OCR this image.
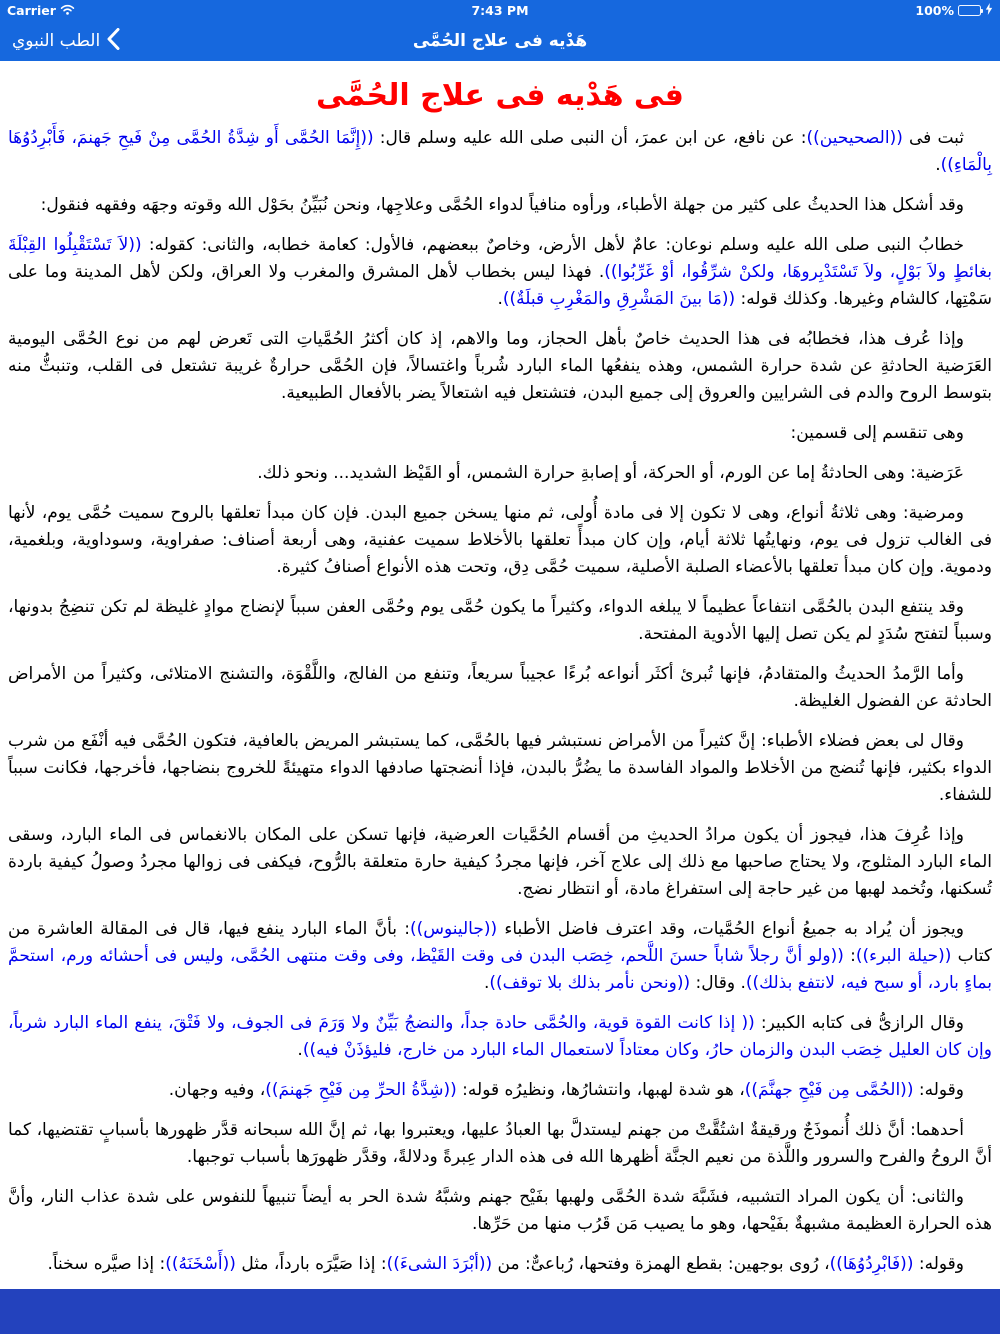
Carrier	7:43 PM	100%
الطب النبوي	هَدْيه فى علاج الحُمَّى
فى هَدْيه فى علاج الحُمَّى

ثبت فى ((الصحيحين)): عن نافع، عن ابن عمرَ، أن النبى صلى الله عليه وسلم قال: ((إِنَّمَا الحُمَّى أَو شِدَّةُ الحُمَّى مِنْ فَيحِ جَهنمَ، فَأَبْرِدُوُهَا بِالْمَاءِ)).

وقد أشكل هذا الحديثُ على كثير من جهلة الأطباء، ورأوه منافياً لدواء الحُمَّى وعلاجِها، ونحن نُبَيِّنُ بحَوْل الله وقوته وجهَه وفقهه فنقول:

خطابُ النبى صلى الله عليه وسلم نوعان: عامٌ لأهل الأرض، وخاصٌ ببعضهم، فالأول: كعامة خطابه، والثانى: كقوله: ((لاَ تَسْتَقْبِلُوا القِبْلَةَ بغائطٍ ولاَ بَوْلٍ، ولاَ تَسْتَدْبِروهَا، ولكنْ شرِّقُوا، أوْ غَرِّبُوا)). فهذا ليس بخطاب لأهل المشرق والمغرب ولا العراق، ولكن لأهل المدينة وما على سَمْتِها، كالشام وغيرها. وكذلك قوله: ((مَا بينَ المَشْرِقِ والمَغْرِبِ قبلَةٌ)).

وإذا عُرف هذا، فخطابُه فى هذا الحديث خاصٌ بأهل الحجاز، وما والاهم، إذ كان أكثرُ الحُمَّياتِ التى تَعرض لهم من نوع الحُمَّى اليومية العَرَضية الحادثةِ عن شدة حرارة الشمس، وهذه ينفعُها الماء البارد شُرباً واغتسالاً، فإن الحُمَّى حرارةٌ غريبة تشتعل فى القلب، وتنبثُّ منه بتوسط الروح والدم فى الشرايين والعروق إلى جميع البدن، فتشتعل فيه اشتعالاً يضر بالأفعال الطبيعية.

وهى تنقسم إلى قسمين:

عَرَضية: وهى الحادثةُ إما عن الورم، أو الحركة، أو إصابةِ حرارة الشمس، أو القَيْظ الشديد... ونحو ذلك.

ومرضية: وهى ثلاثةُ أنواع، وهى لا تكون إلا فى مادة أُولى، ثم منها يسخن جميع البدن. فإن كان مبدأ تعلقها بالروح سميت حُمَّى يوم، لأنها فى الغالب تزول فى يوم، ونهايتُها ثلاثة أيام، وإن كان مبدأً تعلقها بالأخلاط سميت عفنية، وهى أربعة أصناف: صفراوية، وسوداوية، وبلغمية، ودموية. وإن كان مبدأ تعلقها بالأعضاء الصلبة الأصلية، سميت حُمَّى دِق، وتحت هذه الأنواع أصنافُ كثيرة.

وقد ينتفع البدن بالحُمَّى انتفاعاً عظيماً لا يبلغه الدواء، وكثيراً ما يكون حُمَّى يوم وحُمَّى العفن سبباً لإنضاج موادٍ غليظة لم تكن تنضِجُ بدونها، وسبباً لتفتح سُدَدٍ لم يكن تصل إليها الأدوية المفتحة.

وأما الرَّمدُ الحديثُ والمتقادمُ، فإنها تُبرئ أكثَر أنواعه بُرءًا عجيباً سريعاً، وتنفع من الفالج، واللَّقْوَة، والتشنج الامتلائى، وكثيراً من الأمراض الحادثة عن الفضول الغليظة.

وقال لى بعض فضلاء الأطباء: إنَّ كثيراً من الأمراض نستبشر فيها بالحُمَّى، كما يستبشر المريض بالعافية، فتكون الحُمَّى فيه أنْفَع من شرب الدواء بكثير، فإنها تُنضج من الأخلاط والمواد الفاسدة ما يضُرُّ بالبدن، فإذا أنضجتها صادفها الدواء متهيئةً للخروج بنضاجها، فأخرجها، فكانت سبباً للشفاء.

وإذا عُرِفَ هذا، فيجوز أن يكون مرادُ الحديثِ من أقسام الحُمَّيات العرضية، فإنها تسكن على المكان بالانغماس فى الماء البارد، وسقى الماء البارد المثلوج، ولا يحتاج صاحبها مع ذلك إلى علاج آخر، فإنها مجردُ كيفية حارة متعلقة بالرُّوح، فيكفى فى زوالها مجردُ وصولُ كيفية باردة تُسكنها، وتُخمد لهبها من غير حاجة إلى استفراغ مادة، أو انتظار نضج.

ويجوز أن يُراد به جميعُ أنواع الحُمَّيات، وقد اعترف فاضل الأطباء ((جالينوس)): بأنَّ الماء البارد ينفع فيها، قال فى المقالة العاشرة من كتاب ((حيلة البرء)): ((ولو أنَّ رجلاً شاباً حسنَ اللَّحم، خِصَب البدن فى وقت القَيْظ، وفى وقت منتهى الحُمَّى، وليس فى أحشائه ورم، استحمَّ بماءٍ بارد، أو سبح فيه، لانتفع بذلك)). وقال: ((ونحن نأمر بذلك بلا توقف)).

وقال الرازىُّ فى كتابه الكبير: (( إذا كانت القوة قوية، والحُمَّى حادة جداً، والنضجُ بَيِّنٌ ولا وَرَمَ فى الجوف، ولا فَتْقَ، ينفع الماء البارد شرباً، وإن كان العليل خِصَب البدن والزمان حارُ، وكان معتاداً لاستعمال الماء البارد من خارج، فليؤذَنْ فيه)).

وقوله: ((الحُمَّى مِن فَيْحِ جهنَّمَ))، هو شدة لهبها، وانتشارُها، ونظيرُه قوله: ((شِدَّةُ الحرِّ مِن فَيْحِ جَهنمَ))، وفيه وجهان.

أحدهما: أنَّ ذلك أُنموذَجٌ ورقيقةٌ اشتُقَّتْ من جهنم ليستدلَّ بها العبادُ عليها، ويعتبروا بها، ثم إنَّ الله سبحانه قدَّر ظهورها بأسبابٍ تقتضيها، كما أنَّ الروحُ والفرح والسرور واللَّذة من نعيم الجنَّة أظهرها الله فى هذه الدار عِبرةً ودلالةً، وقدَّر ظهورَها بأسباب توجبها.

والثانى: أن يكون المراد التشبيه، فشَبَّهَ شدة الحُمَّى ولهبها بفَيْح جهنم وشبَّهُ شدة الحر به أيضاً تنبيهاً للنفوس على شدة عذاب النار، وأنَّ هذه الحرارة العظيمة مشبهةٌ بفَيْحها، وهو ما يصيب مَن قَرُب منها من حَرِّها.

وقوله: ((فَابْرِدُوُهَا))، رُوى بوجهين: بقطع الهمزة وفتحها، رُباعىٌّ: من ((أبْرَدَ الشىءَ)): إذا صَيَّرَه بارداً، مثل ((أَسْخَنَهُ)): إذا صيَّره سخناً.
